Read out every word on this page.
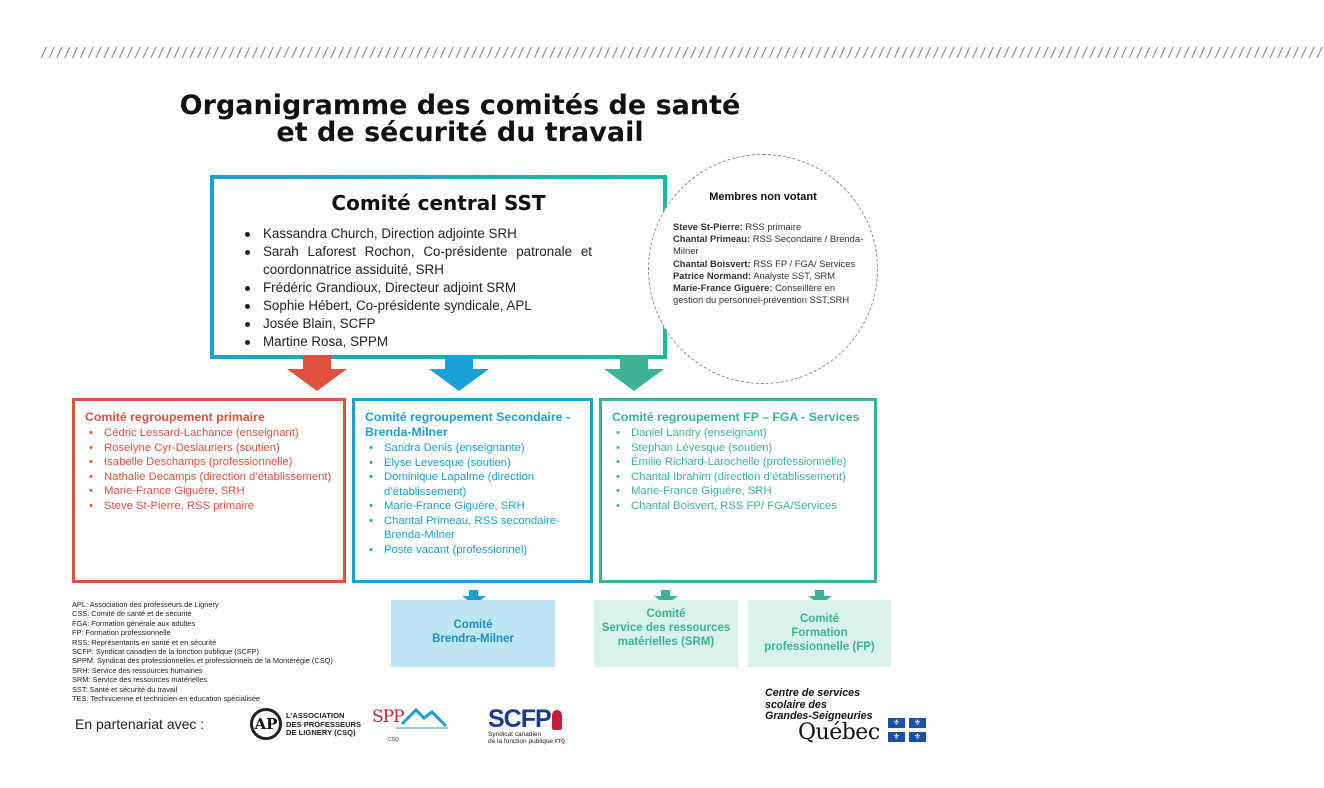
////////////////////////////////////////////////////////////////////////////////////////////////////////////////////////////////////////////////////////////////////
Organigramme des comités de santé
et de sécurité du travail
Comité central SST
Kassandra Church, Direction adjointe SRH
Sarah Laforest Rochon, Co-présidente patronale et coordonnatrice assiduité, SRH
Frédéric Grandioux, Directeur adjoint SRM
Sophie Hébert, Co-présidente syndicale, APL
Josée Blain, SCFP
Martine Rosa, SPPM
Membres non votant
Steve St-Pierre: RSS primaire
Chantal Primeau: RSS Secondaire / Brenda-Milner
Chantal Boisvert: RSS FP / FGA/ Services
Patrice Normand: Analyste SST, SRM
Marie-France Giguère: Conseillère en gestion du personnel-prévention SST,SRH
Comité regroupement primaire
• Cédric Lessard-Lachance (enseignant)
• Roselyne Cyr-Deslauriers (soutien)
• Isabelle Deschamps (professionnelle)
• Nathalie Decamps (direction d’établissement)
• Marie-France Giguère, SRH
• Steve St-Pierre, RSS primaire
Comité regroupement Secondaire - Brenda-Milner
• Sandra Denis (enseignante)
• Elyse Levesque (soutien)
• Dominique Lapalme (direction d’établissement)
• Marie-France Giguère, SRH
• Chantal Primeau, RSS secondaire-Brenda-Milner
• Poste vacant (professionnel)
Comité regroupement FP – FGA - Services
• Daniel Landry (enseignant)
• Stephan Lévesque (soutien)
• Émilie Richard-Larochelle (professionnelle)
• Chantal Ibrahim (direction d’établissement)
• Marie-France Giguère, SRH
• Chantal Boisvert, RSS FP/ FGA/Services
Comité
Brendra-Milner
Comité
Service des ressources
matérielles (SRM)
Comité
Formation
professionnelle (FP)
APL: Association des professeurs de Lignery
CSS: Comité de santé et de sécurité
FGA: Formation générale aux adultes
FP: Formation professionnelle
RSS: Représentants en santé et en sécurité
SCFP: Syndicat canadien de la fonction publique (SCFP)
SPPM: Syndicat des professionnelles et professionnels de la Montérégie (CSQ)
SRH: Service des ressources humaines
SRM: Service des ressources matérielles
SST: Santé et sécurité du travail
TES: Technicienne et technicien en éducation spécialisée
En partenariat avec :	AP	L’ASSOCIATION
DES PROFESSEURS
DE LIGNERY (CSQ)
SPP
CSQ
SCFP
Syndicat canadien
de la fonction publique FTQ
Centre de services
scolaire des
Grandes-Seigneuries
Québec	⚜	⚜
⚜	⚜
